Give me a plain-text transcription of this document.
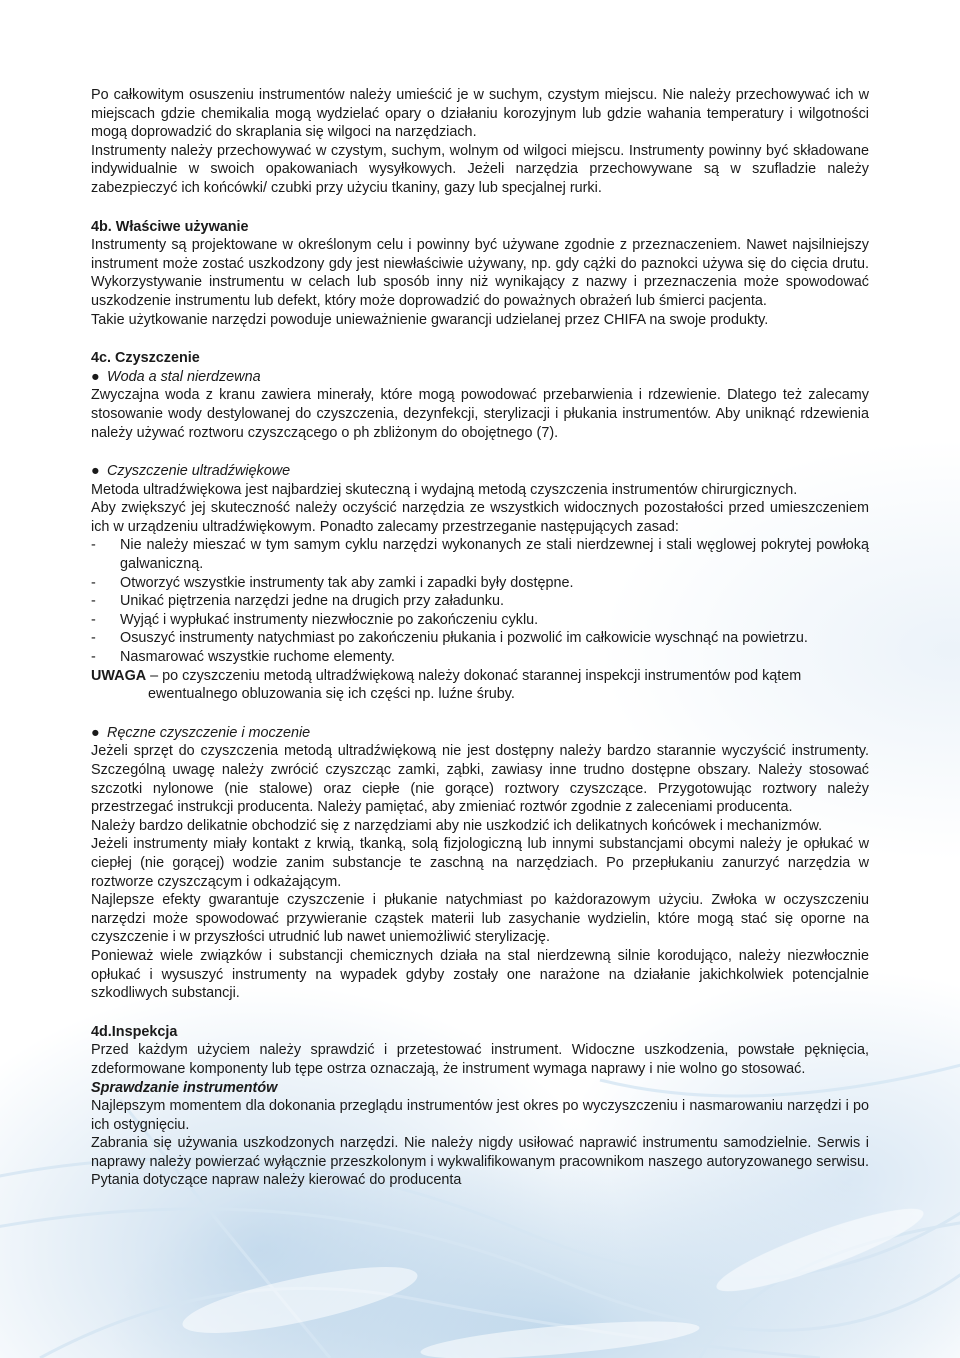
Po całkowitym osuszeniu instrumentów należy umieścić je w suchym, czystym miejscu. Nie należy przechowywać ich w miejscach gdzie chemikalia mogą wydzielać opary o działaniu korozyjnym lub gdzie wahania temperatury i wilgotności mogą doprowadzić do skraplania się wilgoci na narzędziach.

Instrumenty należy przechowywać w czystym, suchym, wolnym od wilgoci miejscu. Instrumenty powinny być składowane indywidualnie w swoich opakowaniach wysyłkowych. Jeżeli narzędzia przechowywane są w szufladzie należy zabezpieczyć ich końcówki/ czubki przy użyciu tkaniny, gazy lub specjalnej rurki.

4b. Właściwe używanie

Instrumenty są projektowane w określonym celu i powinny być używane zgodnie z przeznaczeniem. Nawet najsilniejszy instrument może zostać uszkodzony gdy jest niewłaściwie używany, np. gdy cążki do paznokci używa się do cięcia drutu. Wykorzystywanie instrumentu w celach lub sposób inny niż wynikający z nazwy i przeznaczenia może spowodować uszkodzenie instrumentu lub defekt, który może doprowadzić do poważnych obrażeń lub śmierci pacjenta.

Takie użytkowanie narzędzi powoduje unieważnienie gwarancji udzielanej przez CHIFA na swoje produkty.

4c. Czyszczenie
● Woda a stal nierdzewna

Zwyczajna woda z kranu zawiera minerały, które mogą powodować przebarwienia i rdzewienie. Dlatego też zalecamy stosowanie wody destylowanej do czyszczenia, dezynfekcji, sterylizacji i płukania instrumentów. Aby uniknąć rdzewienia należy używać roztworu czyszczącego o ph zbliżonym do obojętnego (7).

● Czyszczenie ultradźwiękowe

Metoda ultradźwiękowa jest najbardziej skuteczną i wydajną metodą czyszczenia instrumentów chirurgicznych.

Aby zwiększyć jej skuteczność należy oczyścić narzędzia ze wszystkich widocznych pozostałości przed umieszczeniem ich w urządzeniu ultradźwiękowym. Ponadto zalecamy przestrzeganie następujących zasad:

- Nie należy mieszać w tym samym cyklu narzędzi wykonanych ze stali nierdzewnej i stali węglowej pokrytej powłoką galwaniczną.
- Otworzyć wszystkie instrumenty tak aby zamki i zapadki były dostępne.
- Unikać piętrzenia narzędzi jedne na drugich przy załadunku.
- Wyjąć i wypłukać instrumenty niezwłocznie po zakończeniu cyklu.
- Osuszyć instrumenty natychmiast po zakończeniu płukania i pozwolić im całkowicie wyschnąć na powietrzu.
- Nasmarować wszystkie ruchome elementy.

UWAGA – po czyszczeniu metodą ultradźwiękową należy dokonać starannej inspekcji instrumentów pod kątem ewentualnego obluzowania się ich części np. luźne śruby.

● Ręczne czyszczenie i moczenie

Jeżeli sprzęt do czyszczenia metodą ultradźwiękową nie jest dostępny należy bardzo starannie wyczyścić instrumenty. Szczególną uwagę należy zwrócić czyszcząc zamki, ząbki, zawiasy inne trudno dostępne obszary. Należy stosować szczotki nylonowe (nie stalowe) oraz ciepłe (nie gorące) roztwory czyszczące. Przygotowując roztwory należy przestrzegać instrukcji producenta. Należy pamiętać, aby zmieniać roztwór zgodnie z zaleceniami producenta.

Należy bardzo delikatnie obchodzić się z narzędziami aby nie uszkodzić ich delikatnych końcówek i mechanizmów.

Jeżeli instrumenty miały kontakt z krwią, tkanką, solą fizjologiczną lub innymi substancjami obcymi należy je opłukać w ciepłej (nie gorącej) wodzie zanim substancje te zaschną na narzędziach. Po przepłukaniu zanurzyć narzędzia w roztworze czyszczącym i odkażającym.

Najlepsze efekty gwarantuje czyszczenie i płukanie natychmiast po każdorazowym użyciu. Zwłoka w oczyszczeniu narzędzi może spowodować przywieranie cząstek materii lub zasychanie wydzielin, które mogą stać się oporne na czyszczenie i w przyszłości utrudnić lub nawet uniemożliwić sterylizację.

Ponieważ wiele związków i substancji chemicznych działa na stal nierdzewną silnie korodująco, należy niezwłocznie opłukać i wysuszyć instrumenty na wypadek gdyby zostały one narażone na działanie jakichkolwiek potencjalnie szkodliwych substancji.

4d.Inspekcja

Przed każdym użyciem należy sprawdzić i przetestować instrument. Widoczne uszkodzenia, powstałe pęknięcia, zdeformowane komponenty lub tępe ostrza oznaczają, że instrument wymaga naprawy i nie wolno go stosować.

Sprawdzanie instrumentów

Najlepszym momentem dla dokonania przeglądu instrumentów jest okres po wyczyszczeniu i nasmarowaniu narzędzi i po ich ostygnięciu.

Zabrania się używania uszkodzonych narzędzi. Nie należy nigdy usiłować naprawić instrumentu samodzielnie. Serwis i naprawy należy powierzać wyłącznie przeszkolonym i wykwalifikowanym pracownikom naszego autoryzowanego serwisu. Pytania dotyczące napraw należy kierować do producenta
